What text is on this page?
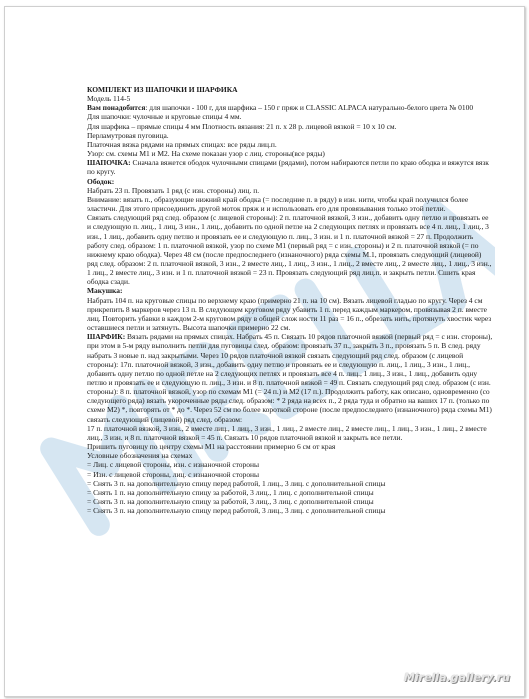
КОМПЛЕКТ ИЗ ШАПОЧКИ И ШАРФИКА

Модель 114-5

Вам понадобится: для шапочки - 100 г, для шарфика – 150 г пряж и CLASSIC ALPACA натурально-белого цвета № 0100

Для шапочки: чулочные и круговые спицы 4 мм.

Для шарфика – прямые спицы 4 мм Плотность вязания: 21 п. х 28 р. лицевой вязкой = 10 х 10 см.

Перламутровая пуговица.

Платочная вязка рядами на прямых спицах: все ряды лиц.п.

Узор: см. схемы М1 и М2. На схеме показан узор с лиц. стороны(все ряды)

ШАПОЧКА: Сначала вяжется ободок чулочными спицами (рядами), потом набираются петли по краю ободка и вяжутся вязк по кругу.

Ободок:

Набрать 23 п. Провязать 1 ряд (с изн. стороны) лиц. п.

Внимание: вязать п., образующие нижний край ободка (= последние п. в ряду) в изн. нити, чтобы край получился более эластичн. Для этого присоединить другой моток пряж и и использовать его для провязывания только этой петли.

Связать следующий ряд след. образом (с лицевой стороны): 2 п. платочной вязкой, 3 изн., добавить одну петлю и провязать ее и следующую п. лиц., 1 лиц, 3 изн., 1 лиц., добавить по одной петле на 2 следующих петлях и провязать все 4 п. лиц., 1 лиц., 3 изн., 1 лиц., добавить одну петлю и провязать ее и следующую п. лиц., 3 изн. и 1 п. платочной вязкой = 27 п. Продолжить работу след. образом: 1 п. платочной вязкой, узор по схеме М1 (первый ряд = с изн. стороны) и 2 п. платочной вязкой (= по нижнему краю ободка). Через 48 см (после предпоследнего (изнаночного) ряда схемы М.1, провязать следующий (лицевой) ряд след. образом: 2 п. платочной вязкой, 3 изн., 2 вместе лиц., 1 лиц., 3 изн., 1 лиц., 2 вместе лиц., 2 вместе лиц., 1 лиц., 3 изн., 1 лиц., 2 вместе лиц., 3 изн. и 1 п. платочной вязкой = 23 п. Провязать следующий ряд лиц.п. и закрыть петли. Сшить края ободка сзади.

Макушка:

Набрать 104 п. на круговые спицы по верхнему краю (примерно 21 п. на 10 см). Вязать лицевой гладью по кругу. Через 4 см прикрепить 8 маркеров через 13 п. В следующем круговом ряду убавить 1 п. перед каждым маркером, провязывая 2 п. вместе лиц. Повторить убавки в каждом 2-м круговом ряду в общей слож ности 11 раз = 16 п., обрезать нить, протянуть хвостик через оставшиеся петли и затянуть. Высота шапочки примерно 22 см.

ШАРФИК: Вязать рядами на прямых спицах. Набрать 45 п. Связать 10 рядов платочной вязкой (первый ряд = с изн. стороны), при этом в 5-м ряду выполнить петли для пуговицы след. образом: провязать 37 п., закрыть 3 п., провязать 5 п. В след. ряду набрать 3 новые п. над закрытыми. Через 10 рядов платочной вязкой связать следующий ряд след. образом (с лицевой стороны): 17п. платочной вязкой, 3 изн., добавить одну петлю и провязать ее и следующую п. лиц., 1 лиц., 3 изн., 1 лиц., добавить одну петлю по одной петле на 2 следующих петлях и провязать все 4 п. лиц., 1 лиц., 3 изн., 1 лиц., добавить одну петлю и провязать ее и следующую п. лиц., 3 изн. и 8 п. платочной вязкой = 49 п. Связать следующий ряд след. образом (с изн. стороны): 8 п. платочной вязкой, узор по схемам М1 (= 24 п.) и М2 (17 п.). Продолжить работу, как описано, одновременно (со следующего ряда) вязать укороченные ряды след. образом: * 2 ряда на всех п., 2 ряда туда и обратно на ваших 17 п. (только по схеме М2) *, повторять от * до *. Через 52 см по более короткой стороне (после предпоследнего (изнаночного) ряда схемы М1) связать следующий (лицевой) ряд след. образом:

17 п. платочной вязкой, 3 изн., 2 вместе лиц., 1 лиц., 3 изн., 1 лиц., 2 вместе лиц., 2 вместе лиц., 1 лиц., 3 изн., 1 лиц., 2 вместе лиц., 3 изн. и 8 п. платочной вязкой = 45 п. Связать 10 рядов платочной вязкой и закрыть все петли.

Пришить пуговицу по центру схемы М1 на расстоянии примерно 6 см от края

Условные обозначения на схемах

= Лиц. с лицевой стороны, изн. с изнаночной стороны

= Изн. с лицевой стороны, лиц. с изнаночной стороны

= Снять 3 п. на дополнительную спицу перед работой, 1 лиц., 3 лиц. с дополнительной спицы

= Снять 1 п. на дополнительную спицу за работой, 3 лиц., 1 лиц. с дополнительной спицы

= Снять 3 п. на дополнительную спицу за работой, 3 лиц., 3 лиц. с дополнительной спицы

= Снять 3 п. на дополнительную спицу перед работой, 3 лиц., 3 лиц. с дополнительной спицы

Mirella.gallery.ru
